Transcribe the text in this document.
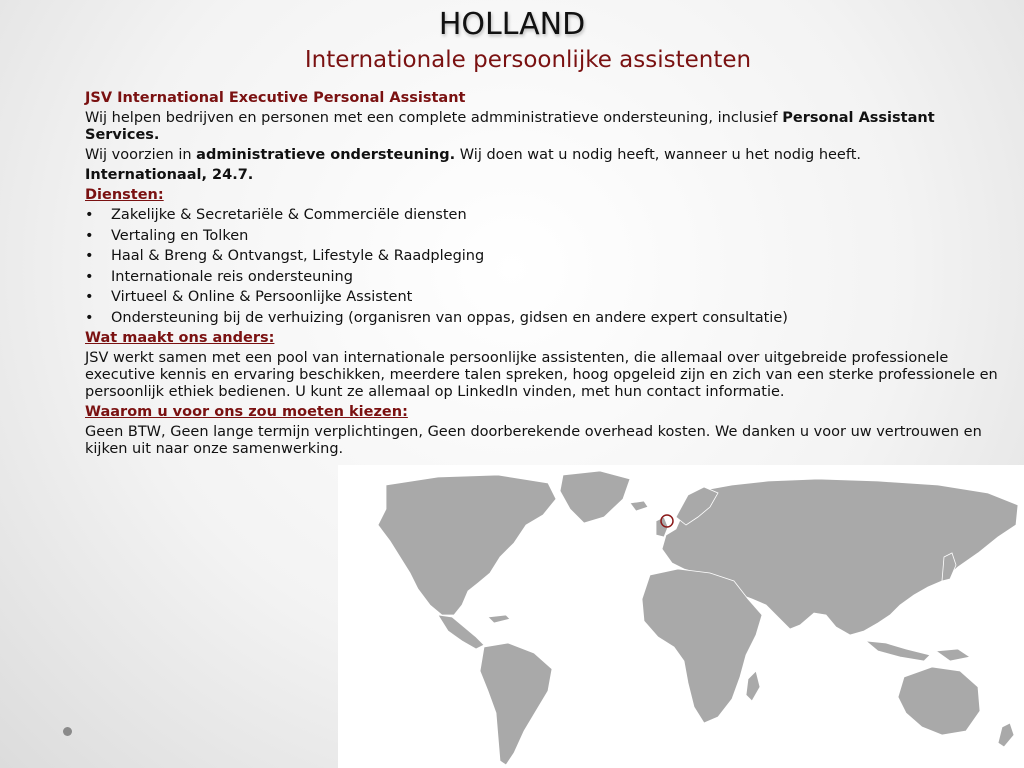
HOLLAND
Internationale persoonlijke assistenten

JSV International Executive Personal Assistant

Wij helpen bedrijven en personen met een complete admministratieve ondersteuning, inclusief Personal Assistant Services.

Wij voorzien in administratieve ondersteuning. Wij doen wat u nodig heeft, wanneer u het nodig heeft.

Internationaal, 24.7.

Diensten:

• Zakelijke & Secretariële & Commerciële diensten
• Vertaling en Tolken
• Haal & Breng & Ontvangst, Lifestyle & Raadpleging
• Internationale reis ondersteuning
• Virtueel & Online & Persoonlijke Assistent
• Ondersteuning bij de verhuizing (organisren van oppas, gidsen en andere expert consultatie)

Wat maakt ons anders:

JSV werkt samen met een pool van internationale persoonlijke assistenten, die allemaal over uitgebreide professionele executive kennis en ervaring beschikken, meerdere talen spreken, hoog opgeleid zijn en zich van een sterke professionele en persoonlijk ethiek bedienen. U kunt ze allemaal op LinkedIn vinden, met hun contact informatie.

Waarom u voor ons zou moeten kiezen:

Geen BTW, Geen lange termijn verplichtingen, Geen doorberekende overhead kosten. We danken u voor uw vertrouwen en kijken uit naar onze samenwerking.
